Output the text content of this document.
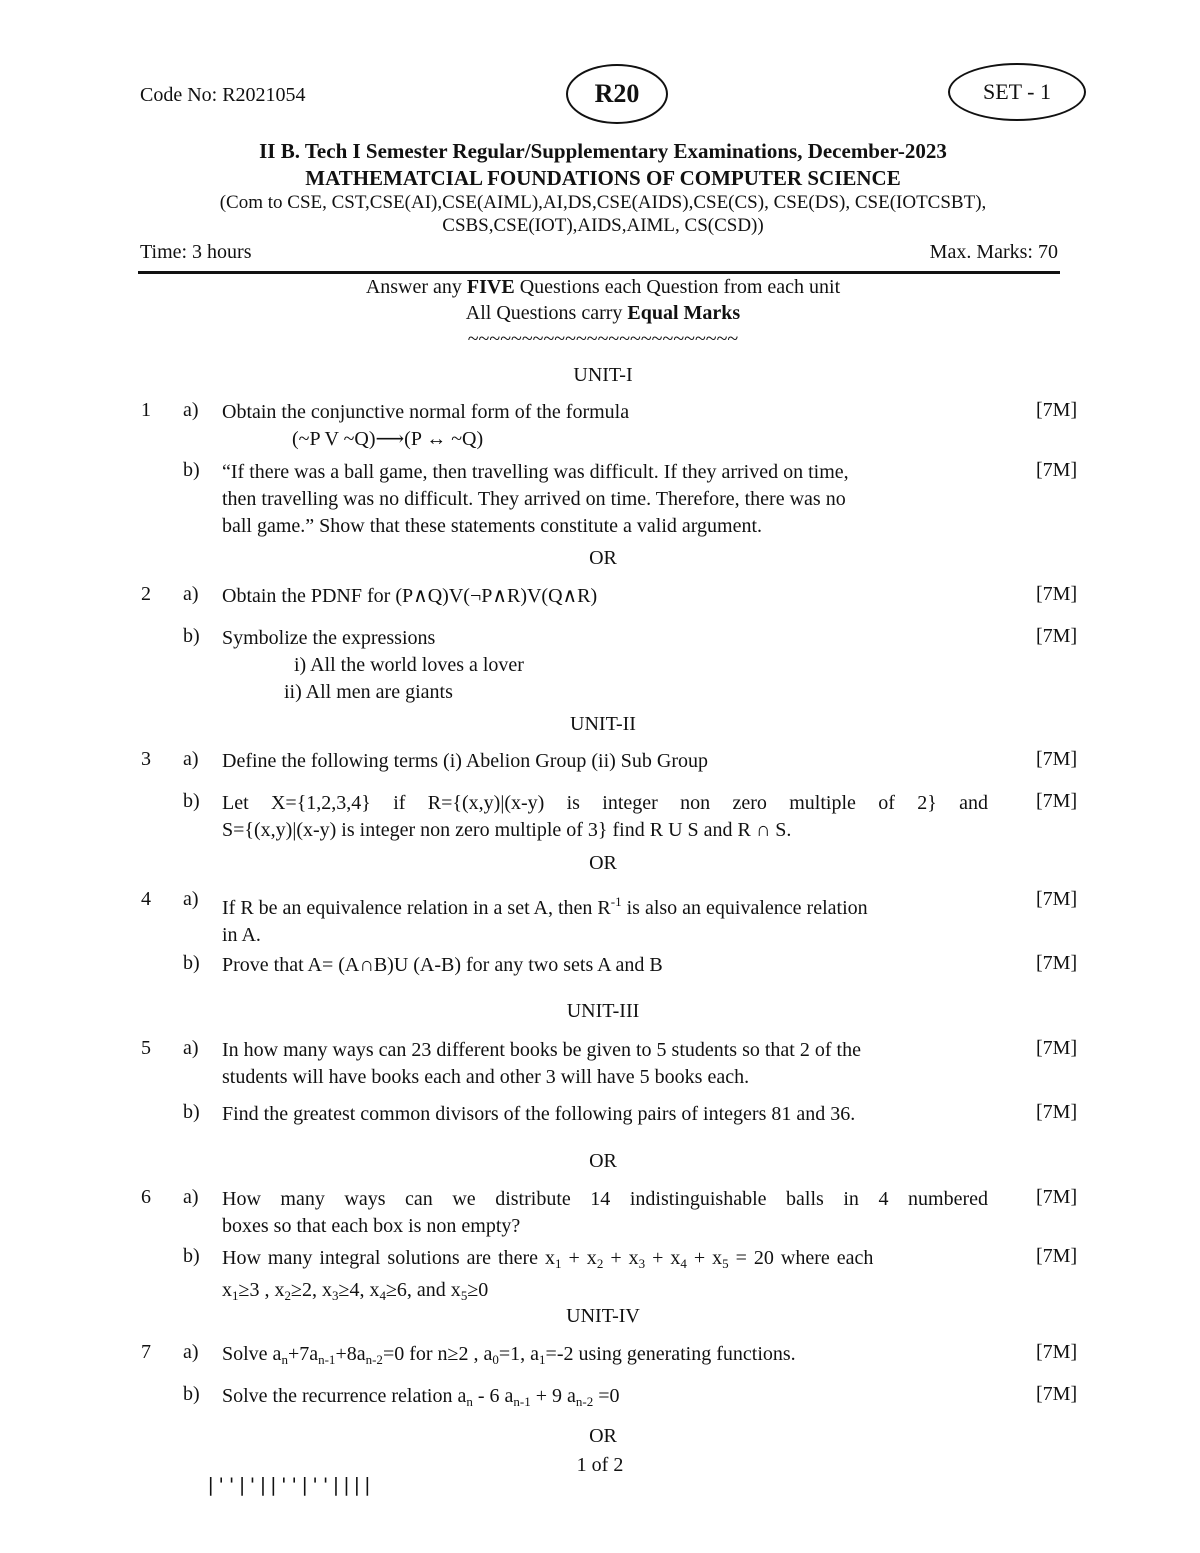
Code No: R2021054	R20	SET - 1
II B. Tech I Semester Regular/Supplementary Examinations, December-2023
MATHEMATCIAL FOUNDATIONS OF COMPUTER SCIENCE
(Com to CSE, CST,CSE(AI),CSE(AIML),AI,DS,CSE(AIDS),CSE(CS), CSE(DS), CSE(IOTCSBT),
CSBS,CSE(IOT),AIDS,AIML, CS(CSD))
Time: 3 hours	Max. Marks: 70
Answer any FIVE Questions each Question from each unit
All Questions carry Equal Marks
~~~~~~~~~~~~~~~~~~~~~~~~~
UNIT-I
1 a) Obtain the conjunctive normal form of the formula
(~P V ~Q)⟶(P ↔ ~Q)
[7M]
b) “If there was a ball game, then travelling was difficult. If they arrived on time,
then travelling was no difficult. They arrived on time. Therefore, there was no
ball game.” Show that these statements constitute a valid argument.
[7M]
OR
2 a) Obtain the PDNF for (P∧Q)V(¬P∧R)V(Q∧R)	[7M]
b) Symbolize the expressions
i) All the world loves a lover
ii) All men are giants
[7M]
UNIT-II
3 a) Define the following terms (i) Abelion Group (ii) Sub Group	[7M]
b) Let X={1,2,3,4} if R={(x,y)|(x-y) is integer non zero multiple of 2} and
S={(x,y)|(x-y) is integer non zero multiple of 3} find R U S and R ∩ S.
[7M]
OR
4 a) If R be an equivalence relation in a set A, then $R^{-1}$ is also an equivalence relation
in A.
[7M]
b) Prove that A= (A∩B)U (A-B) for any two sets A and B	[7M]
UNIT-III
5 a) In how many ways can 23 different books be given to 5 students so that 2 of the
students will have books each and other 3 will have 5 books each.
[7M]
b) Find the greatest common divisors of the following pairs of integers 81 and 36.	[7M]
OR
6 a) How many ways can we distribute 14 indistinguishable balls in 4 numbered
boxes so that each box is non empty?
[7M]
b) How many integral solutions are there $x_1 + x_2 + x_3 + x_4 + x_5 = 20$ where each
$x_1\ge 3$ , $x_2\ge 2$, $x_3\ge 4$, $x_4\ge 6$, and $x_5\ge 0$
[7M]
UNIT-IV
7 a) Solve $a_n+7a_{n-1}+8a_{n-2}=0$ for n≥2 , $a_0=1$, $a_1=-2$ using generating functions.	[7M]
b) Solve the recurrence relation $a_n - 6$ $a_{n-1} + 9$ $a_{n-2} =0$	[7M]
OR
1 of 2
|''|'||''|''||||
